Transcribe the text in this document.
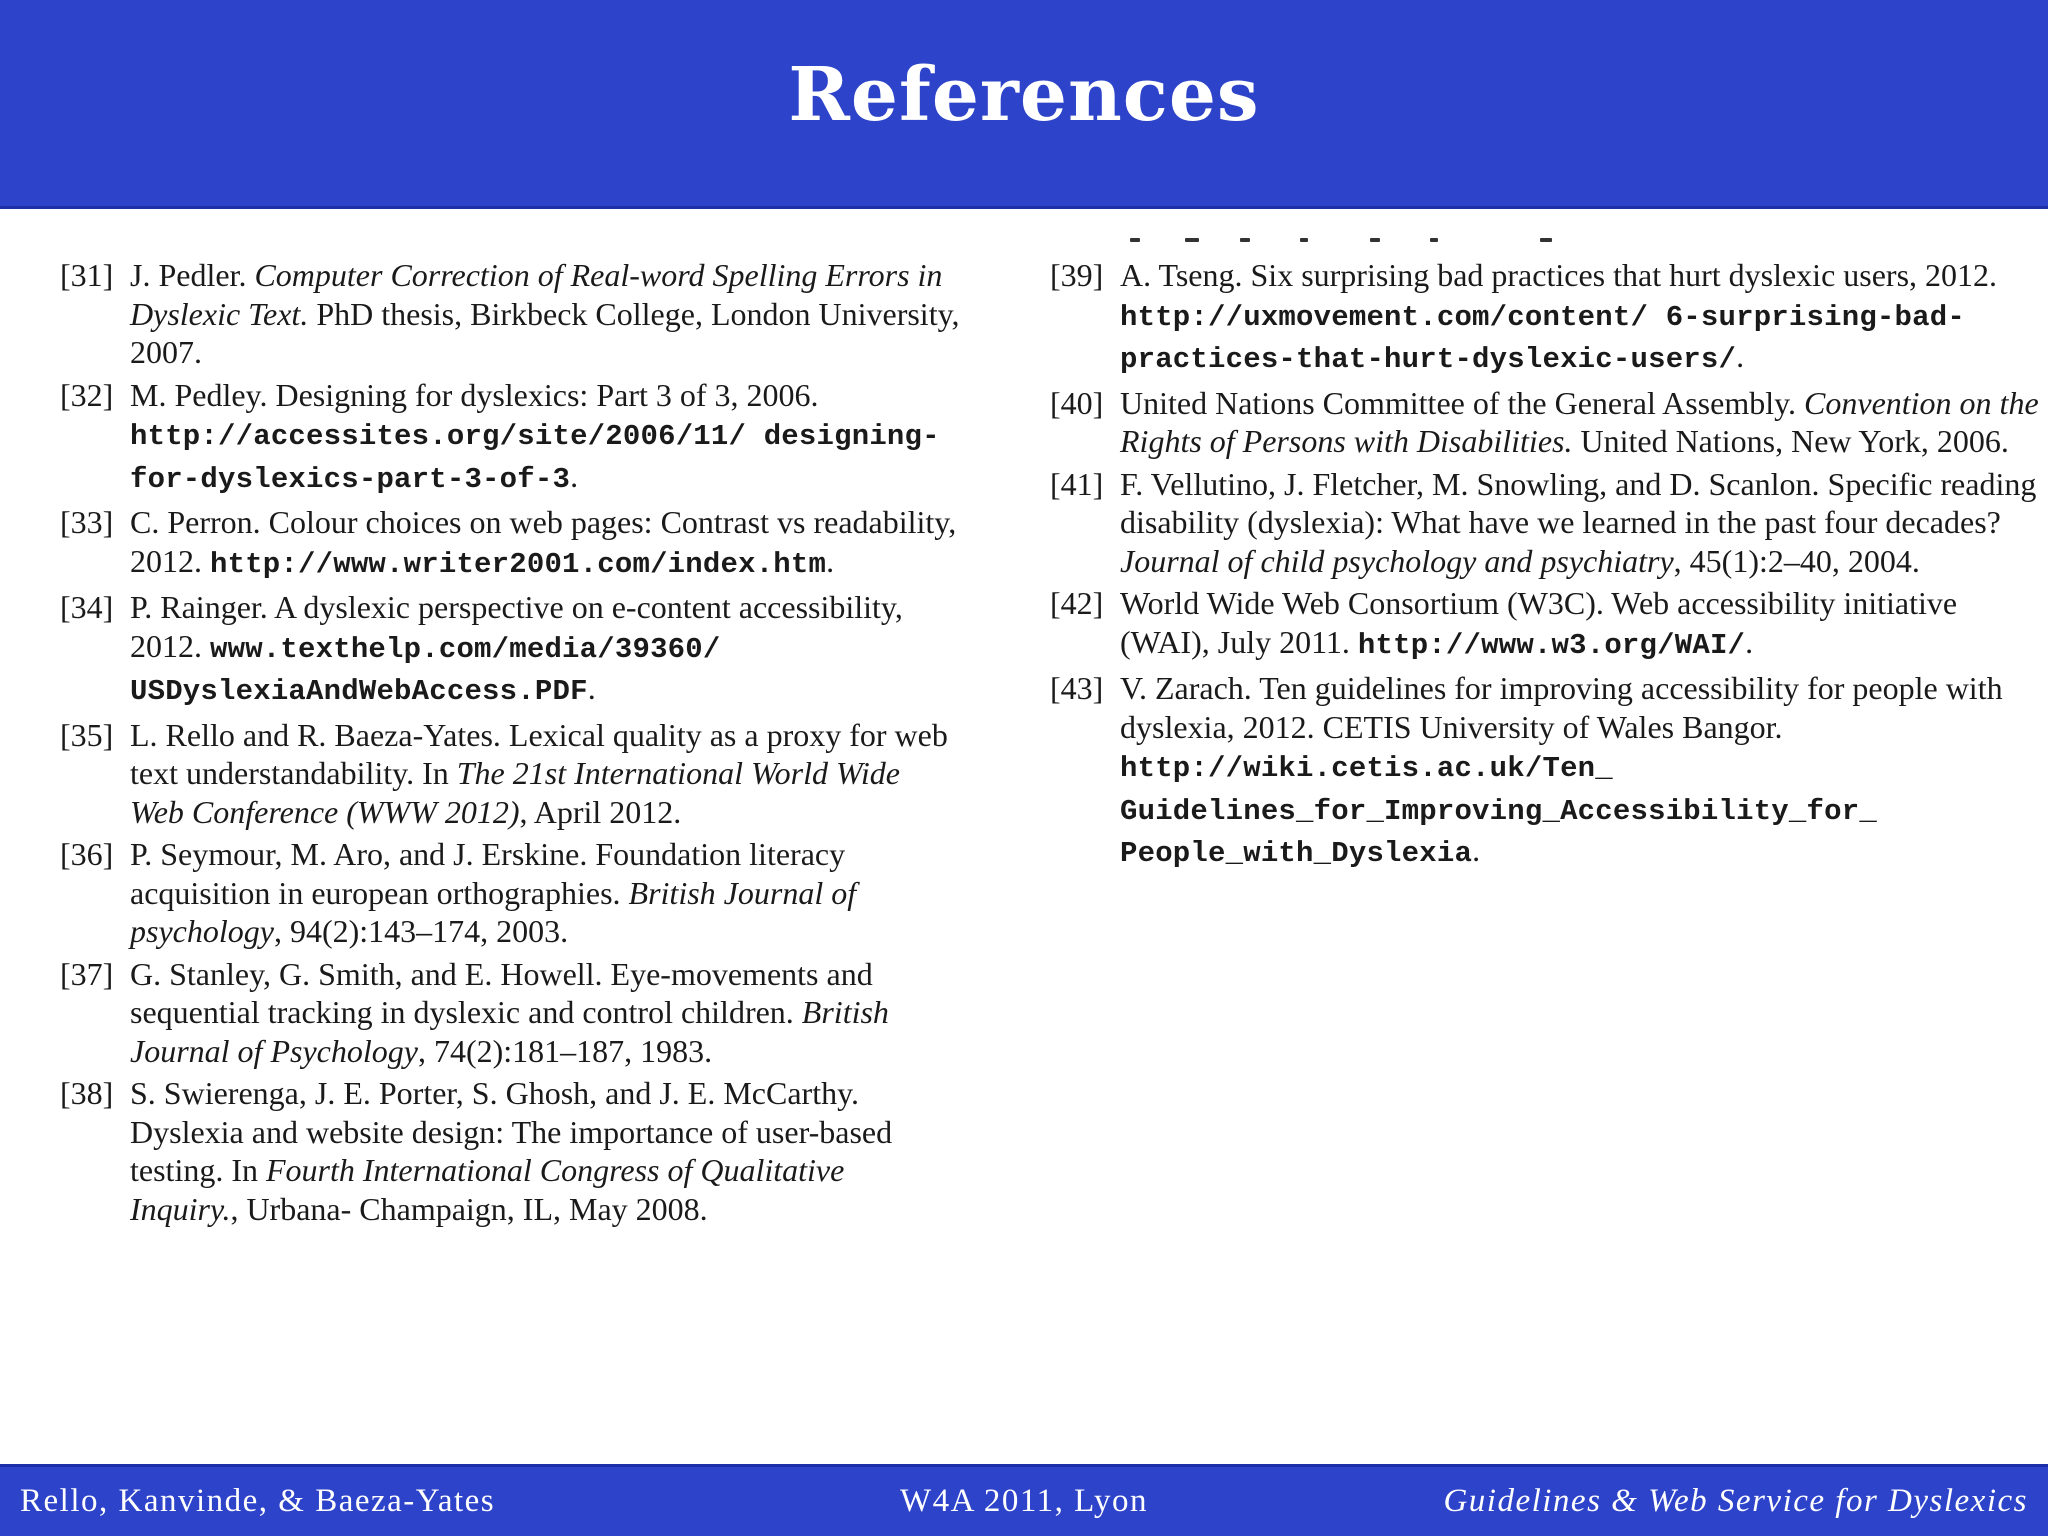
References
[31] J. Pedler. Computer Correction of Real-word Spelling Errors in Dyslexic Text. PhD thesis, Birkbeck College, London University, 2007.
[32] M. Pedley. Designing for dyslexics: Part 3 of 3, 2006. http://accessites.org/site/2006/11/ designing-for-dyslexics-part-3-of-3.
[33] C. Perron. Colour choices on web pages: Contrast vs readability, 2012. http://www.writer2001.com/index.htm.
[34] P. Rainger. A dyslexic perspective on e-content accessibility, 2012. www.texthelp.com/media/39360/ USDyslexiaAndWebAccess.PDF.
[35] L. Rello and R. Baeza-Yates. Lexical quality as a proxy for web text understandability. In The 21st International World Wide Web Conference (WWW 2012), April 2012.
[36] P. Seymour, M. Aro, and J. Erskine. Foundation literacy acquisition in european orthographies. British Journal of psychology, 94(2):143–174, 2003.
[37] G. Stanley, G. Smith, and E. Howell. Eye-movements and sequential tracking in dyslexic and control children. British Journal of Psychology, 74(2):181–187, 1983.
[38] S. Swierenga, J. E. Porter, S. Ghosh, and J. E. McCarthy. Dyslexia and website design: The importance of user-based testing. In Fourth International Congress of Qualitative Inquiry., Urbana- Champaign, IL, May 2008.
[39] A. Tseng. Six surprising bad practices that hurt dyslexic users, 2012. http://uxmovement.com/content/ 6-surprising-bad-practices-that-hurt-dyslexic-users/.
[40] United Nations Committee of the General Assembly. Convention on the Rights of Persons with Disabilities. United Nations, New York, 2006.
[41] F. Vellutino, J. Fletcher, M. Snowling, and D. Scanlon. Specific reading disability (dyslexia): What have we learned in the past four decades? Journal of child psychology and psychiatry, 45(1):2–40, 2004.
[42] World Wide Web Consortium (W3C). Web accessibility initiative (WAI), July 2011. http://www.w3.org/WAI/.
[43] V. Zarach. Ten guidelines for improving accessibility for people with dyslexia, 2012. CETIS University of Wales Bangor. http://wiki.cetis.ac.uk/Ten_ Guidelines_for_Improving_Accessibility_for_ People_with_Dyslexia.
Rello, Kanvinde, & Baeza-Yates	W4A 2011, Lyon	Guidelines & Web Service for Dyslexics
